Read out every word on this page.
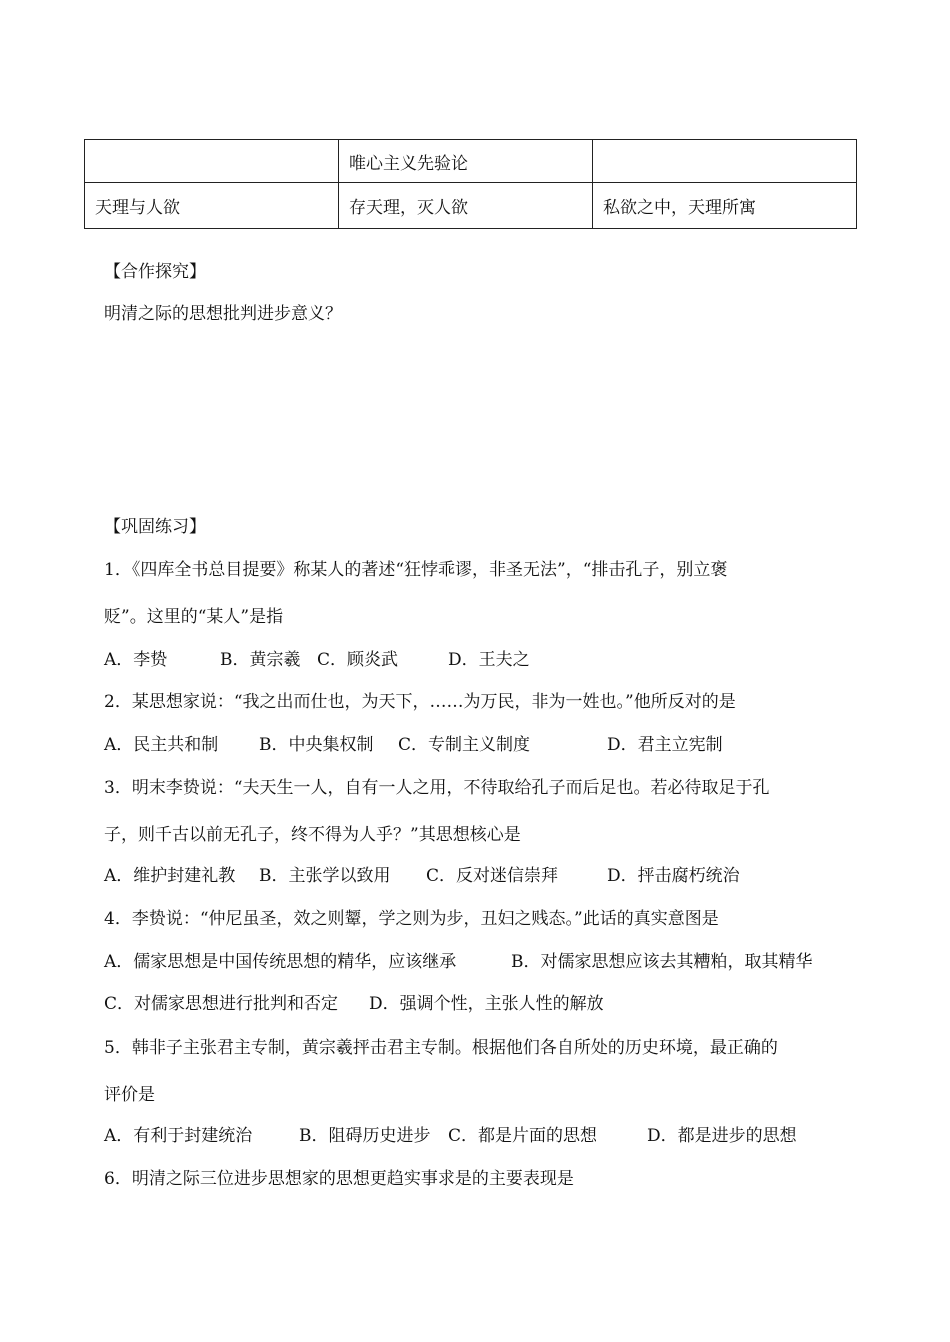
	唯心主义先验论	
天理与人欲	存天理，灭人欲	私欲之中，天理所寓
【合作探究】
明清之际的思想批判进步意义？
【巩固练习】
1．《四库全书总目提要》称某人的著述“狂悖乖谬，非圣无法”，“排击孔子，别立褒
贬”。这里的“某人”是指
A．李贽	B．黄宗羲 C．顾炎武	D．王夫之
2．某思想家说：“我之出而仕也，为天下，……为万民，非为一姓也。”他所反对的是
A．民主共和制 B．中央集权制 C．专制主义制度	D．君主立宪制
3．明末李贽说：“夫天生一人，自有一人之用，不待取给孔子而后足也。若必待取足于孔
子，则千古以前无孔子，终不得为人乎？”其思想核心是
A．维护封建礼教 B．主张学以致用 C．反对迷信崇拜	D．抨击腐朽统治
4．李贽说：“仲尼虽圣，效之则颦，学之则为步，丑妇之贱态。”此话的真实意图是
A．儒家思想是中国传统思想的精华，应该继承	B．对儒家思想应该去其糟粕，取其精华
C．对儒家思想进行批判和否定 D．强调个性，主张人性的解放
5．韩非子主张君主专制，黄宗羲抨击君主专制。根据他们各自所处的历史环境，最正确的
评价是
A．有利于封建统治	B．阻碍历史进步 C．都是片面的思想	D．都是进步的思想
6．明清之际三位进步思想家的思想更趋实事求是的主要表现是
